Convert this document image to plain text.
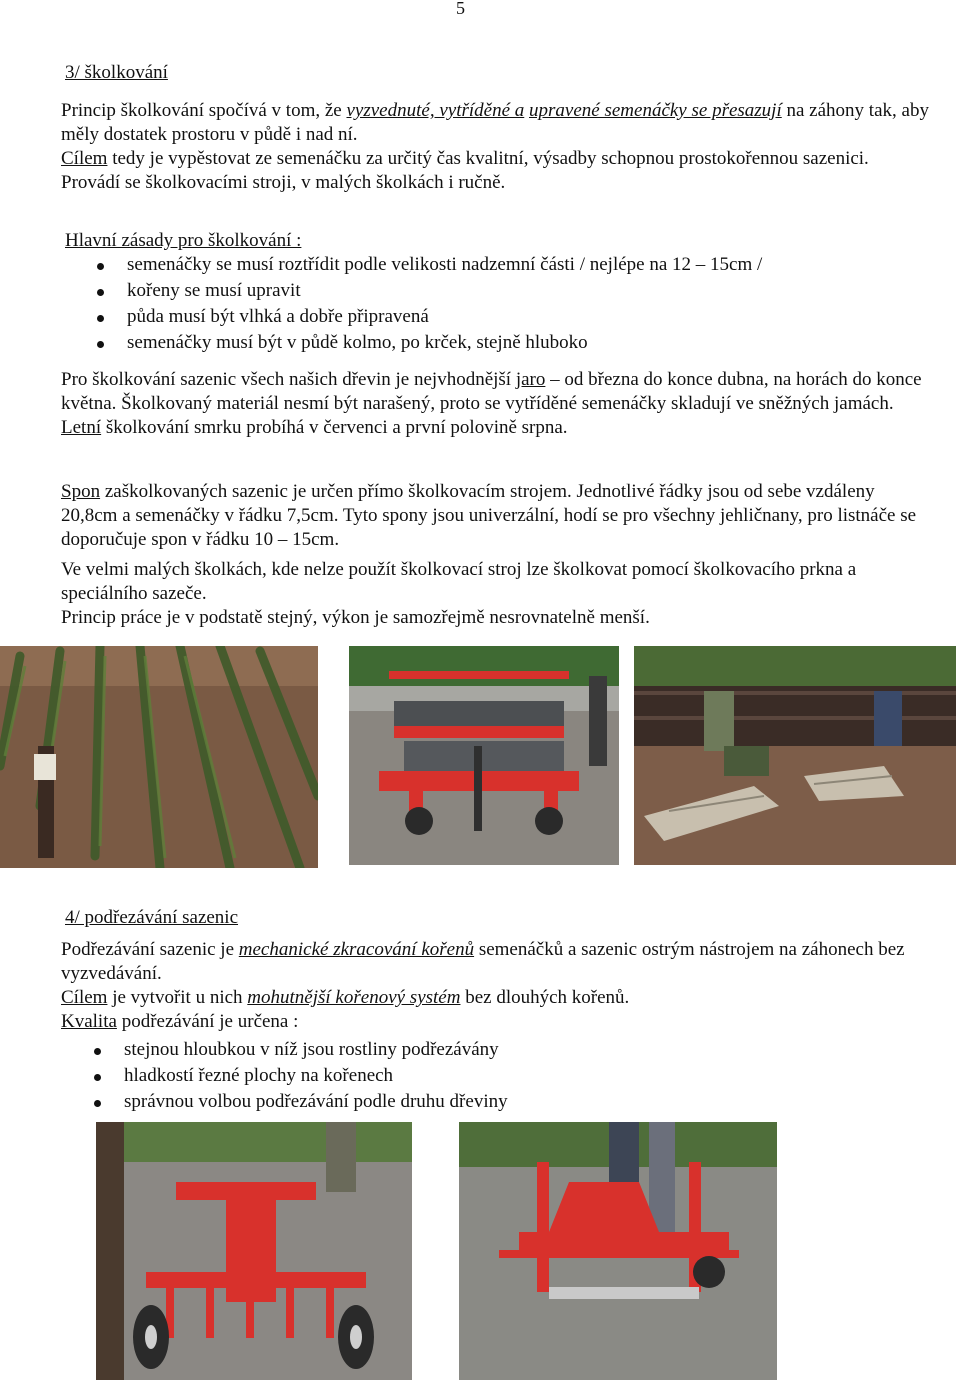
5
3/ školkování

Princip školkování spočívá v tom, že vyzvednuté, vytříděné a upravené semenáčky se přesazují na záhony tak, aby měly dostatek prostoru v půdě i nad ní.

Cílem tedy je vypěstovat ze semenáčku za určitý čas kvalitní, výsadby schopnou prostokořennou sazenici.

Provádí se školkovacími stroji, v malých školkách i ručně.

Hlavní zásady pro školkování :
semenáčky se musí roztřídit podle velikosti nadzemní části / nejlépe na 12 – 15cm /
kořeny se musí upravit
půda musí být vlhká a dobře připravená
semenáčky musí být v půdě kolmo, po krček, stejně hluboko

Pro školkování sazenic všech našich dřevin je nejvhodnější jaro – od března do konce dubna, na horách do konce května. Školkovaný materiál nesmí být narašený, proto se vytříděné semenáčky skladují ve sněžných jamách.

Letní školkování smrku probíhá v červenci a první polovině srpna.

Spon zaškolkovaných sazenic je určen přímo školkovacím strojem. Jednotlivé řádky jsou od sebe vzdáleny 20,8cm a semenáčky v řádku 7,5cm. Tyto spony jsou univerzální, hodí se pro všechny jehličnany, pro listnáče se doporučuje spon v řádku 10 – 15cm.

Ve velmi malých školkách, kde nelze použít školkovací stroj lze školkovat pomocí školkovacího prkna a speciálního sazeče.

Princip práce je v podstatě stejný, výkon je samozřejmě nesrovnatelně menší.

4/ podřezávání sazenic

Podřezávání sazenic je mechanické zkracování kořenů semenáčků a sazenic ostrým nástrojem na záhonech bez vyzvedávání.

Cílem je vytvořit u nich mohutnější kořenový systém bez dlouhých kořenů.

Kvalita podřezávání je určena :

stejnou hloubkou v níž jsou rostliny podřezávány
hladkostí řezné plochy na kořenech
správnou volbou podřezávání podle druhu dřeviny
